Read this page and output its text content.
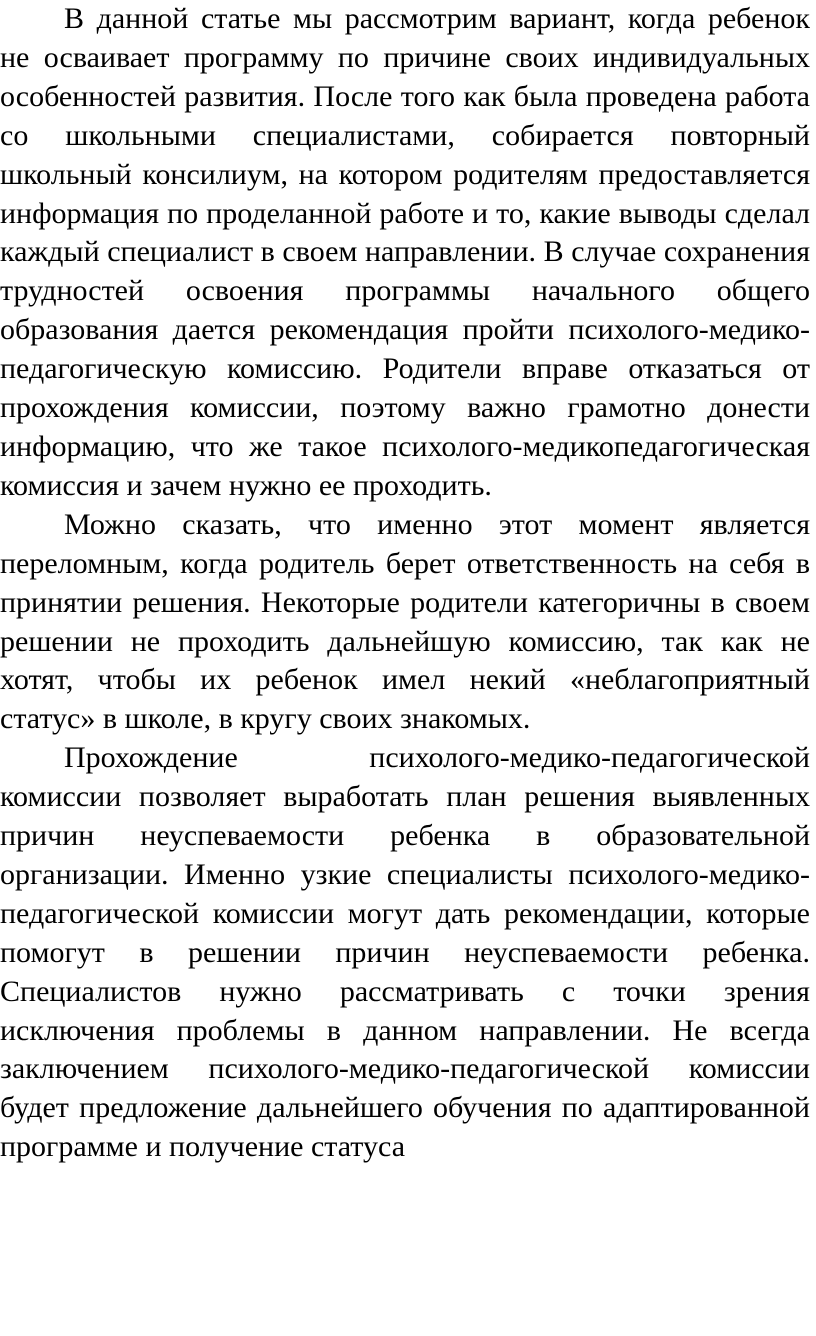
В данной статье мы рассмотрим вариант, когда ребенок не осваивает программу по причине своих индивидуальных особенностей развития. После того как была проведена работа со школьными специалистами, собирается повторный школьный консилиум, на котором родителям предоставляется информация по проделанной работе и то, какие выводы сделал каждый специалист в своем направлении. В случае сохранения трудностей освоения программы начального общего образования дается рекомендация пройти психолого-медико-педагогическую комиссию. Родители вправе отказаться от прохождения комиссии, поэтому важно грамотно донести информацию, что же такое психолого-медикопедагогическая комиссия и зачем нужно ее проходить.

Можно сказать, что именно этот момент является переломным, когда родитель берет ответственность на себя в принятии решения. Некоторые родители категоричны в своем решении не проходить дальнейшую комиссию, так как не хотят, чтобы их ребенок имел некий «неблагоприятный статус» в школе, в кругу своих знакомых.

Прохождение психолого-медико-педагогической комиссии позволяет выработать план решения выявленных причин неуспеваемости ребенка в образовательной организации. Именно узкие специалисты психолого-медико-педагогической комиссии могут дать рекомендации, которые помогут в решении причин неуспеваемости ребенка. Специалистов нужно рассматривать с точки зрения исключения проблемы в данном направлении. Не всегда заключением психолого-медико-педагогической комиссии будет предложение дальнейшего обучения по адаптированной программе и получение статуса
